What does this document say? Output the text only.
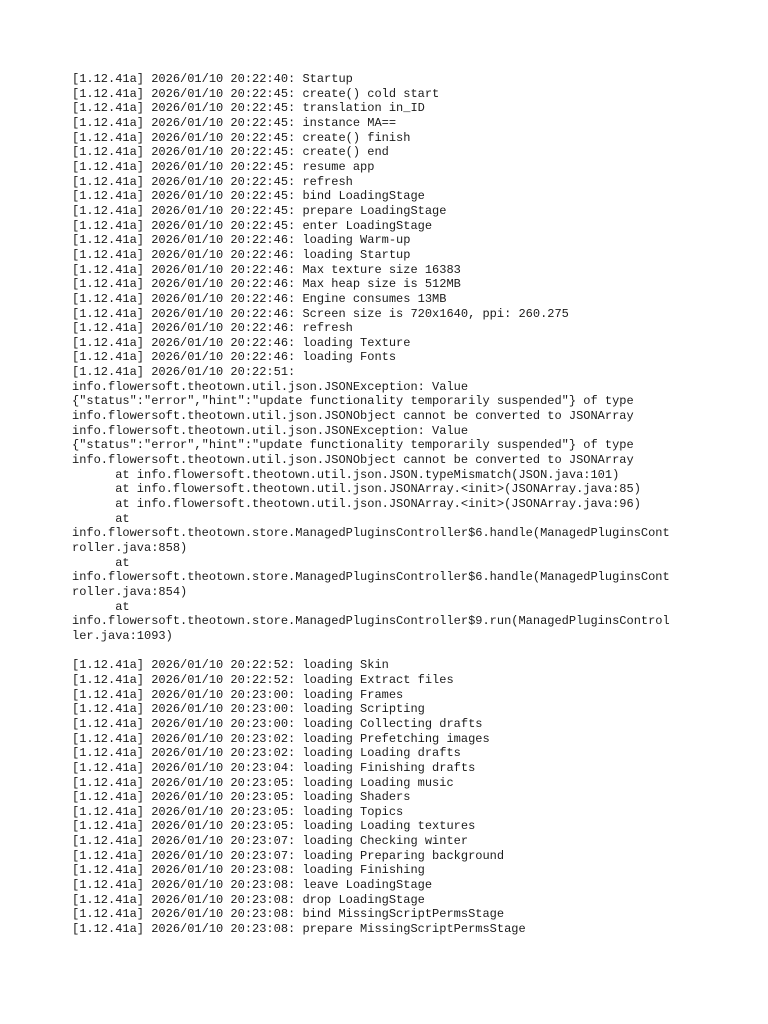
[1.12.41a] 2026/01/10 20:22:40: Startup
[1.12.41a] 2026/01/10 20:22:45: create() cold start
[1.12.41a] 2026/01/10 20:22:45: translation in_ID
[1.12.41a] 2026/01/10 20:22:45: instance MA==
[1.12.41a] 2026/01/10 20:22:45: create() finish
[1.12.41a] 2026/01/10 20:22:45: create() end
[1.12.41a] 2026/01/10 20:22:45: resume app
[1.12.41a] 2026/01/10 20:22:45: refresh
[1.12.41a] 2026/01/10 20:22:45: bind LoadingStage
[1.12.41a] 2026/01/10 20:22:45: prepare LoadingStage
[1.12.41a] 2026/01/10 20:22:45: enter LoadingStage
[1.12.41a] 2026/01/10 20:22:46: loading Warm-up
[1.12.41a] 2026/01/10 20:22:46: loading Startup
[1.12.41a] 2026/01/10 20:22:46: Max texture size 16383
[1.12.41a] 2026/01/10 20:22:46: Max heap size is 512MB
[1.12.41a] 2026/01/10 20:22:46: Engine consumes 13MB
[1.12.41a] 2026/01/10 20:22:46: Screen size is 720x1640, ppi: 260.275
[1.12.41a] 2026/01/10 20:22:46: refresh
[1.12.41a] 2026/01/10 20:22:46: loading Texture
[1.12.41a] 2026/01/10 20:22:46: loading Fonts
[1.12.41a] 2026/01/10 20:22:51:
info.flowersoft.theotown.util.json.JSONException: Value
{"status":"error","hint":"update functionality temporarily suspended"} of type
info.flowersoft.theotown.util.json.JSONObject cannot be converted to JSONArray
info.flowersoft.theotown.util.json.JSONException: Value
{"status":"error","hint":"update functionality temporarily suspended"} of type
info.flowersoft.theotown.util.json.JSONObject cannot be converted to JSONArray
at info.flowersoft.theotown.util.json.JSON.typeMismatch(JSON.java:101)
at info.flowersoft.theotown.util.json.JSONArray.<init>(JSONArray.java:85)
at info.flowersoft.theotown.util.json.JSONArray.<init>(JSONArray.java:96)
at
info.flowersoft.theotown.store.ManagedPluginsController$6.handle(ManagedPluginsCont
roller.java:858)
at
info.flowersoft.theotown.store.ManagedPluginsController$6.handle(ManagedPluginsCont
roller.java:854)
at
info.flowersoft.theotown.store.ManagedPluginsController$9.run(ManagedPluginsControl
ler.java:1093)
[1.12.41a] 2026/01/10 20:22:52: loading Skin
[1.12.41a] 2026/01/10 20:22:52: loading Extract files
[1.12.41a] 2026/01/10 20:23:00: loading Frames
[1.12.41a] 2026/01/10 20:23:00: loading Scripting
[1.12.41a] 2026/01/10 20:23:00: loading Collecting drafts
[1.12.41a] 2026/01/10 20:23:02: loading Prefetching images
[1.12.41a] 2026/01/10 20:23:02: loading Loading drafts
[1.12.41a] 2026/01/10 20:23:04: loading Finishing drafts
[1.12.41a] 2026/01/10 20:23:05: loading Loading music
[1.12.41a] 2026/01/10 20:23:05: loading Shaders
[1.12.41a] 2026/01/10 20:23:05: loading Topics
[1.12.41a] 2026/01/10 20:23:05: loading Loading textures
[1.12.41a] 2026/01/10 20:23:07: loading Checking winter
[1.12.41a] 2026/01/10 20:23:07: loading Preparing background
[1.12.41a] 2026/01/10 20:23:08: loading Finishing
[1.12.41a] 2026/01/10 20:23:08: leave LoadingStage
[1.12.41a] 2026/01/10 20:23:08: drop LoadingStage
[1.12.41a] 2026/01/10 20:23:08: bind MissingScriptPermsStage
[1.12.41a] 2026/01/10 20:23:08: prepare MissingScriptPermsStage
